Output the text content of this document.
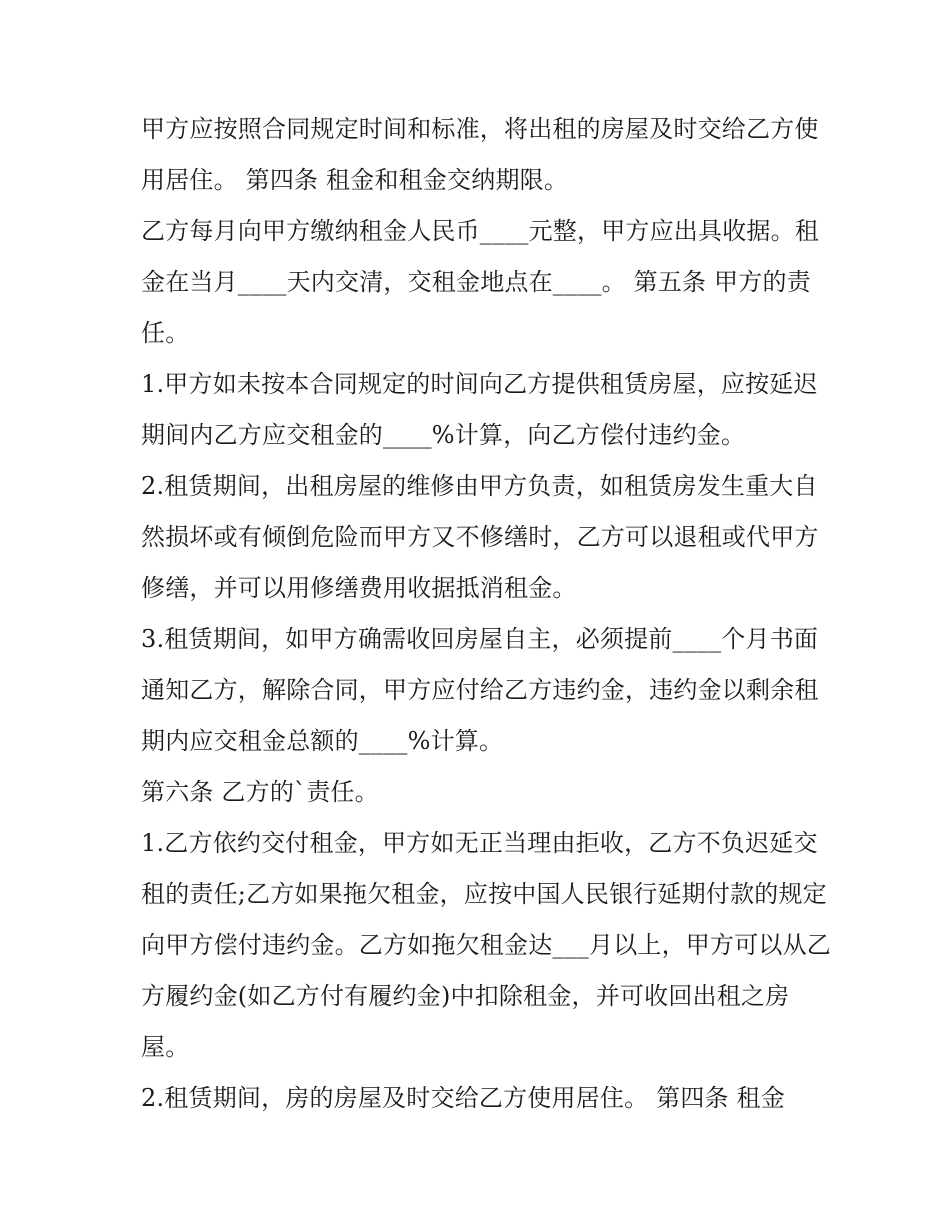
甲方应按照合同规定时间和标准，将出租的房屋及时交给乙方使用居住。 第四条 租金和租金交纳期限。

乙方每月向甲方缴纳租金人民币____元整，甲方应出具收据。租金在当月____天内交清，交租金地点在____。 第五条 甲方的责任。

1.甲方如未按本合同规定的时间向乙方提供租赁房屋，应按延迟期间内乙方应交租金的____%计算，向乙方偿付违约金。

2.租赁期间，出租房屋的维修由甲方负责，如租赁房发生重大自然损坏或有倾倒危险而甲方又不修缮时，乙方可以退租或代甲方修缮，并可以用修缮费用收据抵消租金。

3.租赁期间，如甲方确需收回房屋自主，必须提前____个月书面通知乙方，解除合同，甲方应付给乙方违约金，违约金以剩余租期内应交租金总额的____%计算。

第六条 乙方的`责任。

1.乙方依约交付租金，甲方如无正当理由拒收，乙方不负迟延交租的责任;乙方如果拖欠租金，应按中国人民银行延期付款的规定向甲方偿付违约金。乙方如拖欠租金达___月以上，甲方可以从乙方履约金(如乙方付有履约金)中扣除租金，并可收回出租之房屋。

2.租赁期间，房的房屋及时交给乙方使用居住。 第四条 租金
